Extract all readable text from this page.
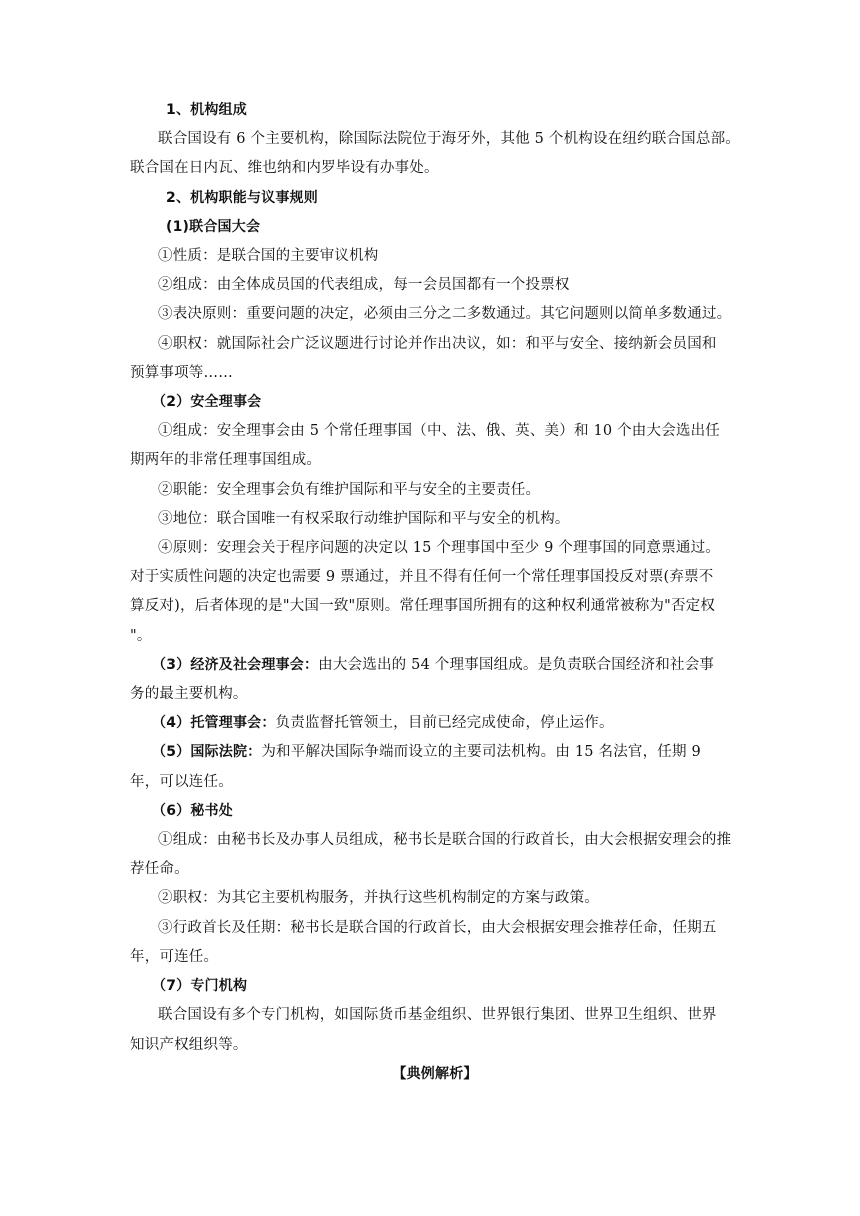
1、机构组成
联合国设有 6 个主要机构，除国际法院位于海牙外，其他 5 个机构设在纽约联合国总部。
联合国在日内瓦、维也纳和内罗毕设有办事处。
2、机构职能与议事规则
(1)联合国大会
①性质：是联合国的主要审议机构
②组成：由全体成员国的代表组成，每一会员国都有一个投票权
③表决原则：重要问题的决定，必须由三分之二多数通过。其它问题则以简单多数通过。
④职权：就国际社会广泛议题进行讨论并作出决议，如：和平与安全、接纳新会员国和
预算事项等……
（2）安全理事会
①组成：安全理事会由 5 个常任理事国（中、法、俄、英、美）和 10 个由大会选出任
期两年的非常任理事国组成。
②职能：安全理事会负有维护国际和平与安全的主要责任。
③地位：联合国唯一有权采取行动维护国际和平与安全的机构。
④原则：安理会关于程序问题的决定以 15 个理事国中至少 9 个理事国的同意票通过。
对于实质性问题的决定也需要 9 票通过，并且不得有任何一个常任理事国投反对票(弃票不
算反对)，后者体现的是"大国一致"原则。常任理事国所拥有的这种权利通常被称为"否定权
"。
（3）经济及社会理事会：由大会选出的 54 个理事国组成。是负责联合国经济和社会事
务的最主要机构。
（4）托管理事会：负责监督托管领土，目前已经完成使命，停止运作。
（5）国际法院：为和平解决国际争端而设立的主要司法机构。由 15 名法官，任期 9
年，可以连任。
（6）秘书处
①组成：由秘书长及办事人员组成，秘书长是联合国的行政首长，由大会根据安理会的推
荐任命。
②职权：为其它主要机构服务，并执行这些机构制定的方案与政策。
③行政首长及任期：秘书长是联合国的行政首长，由大会根据安理会推荐任命，任期五
年，可连任。
（7）专门机构
联合国设有多个专门机构，如国际货币基金组织、世界银行集团、世界卫生组织、世界
知识产权组织等。
【典例解析】
